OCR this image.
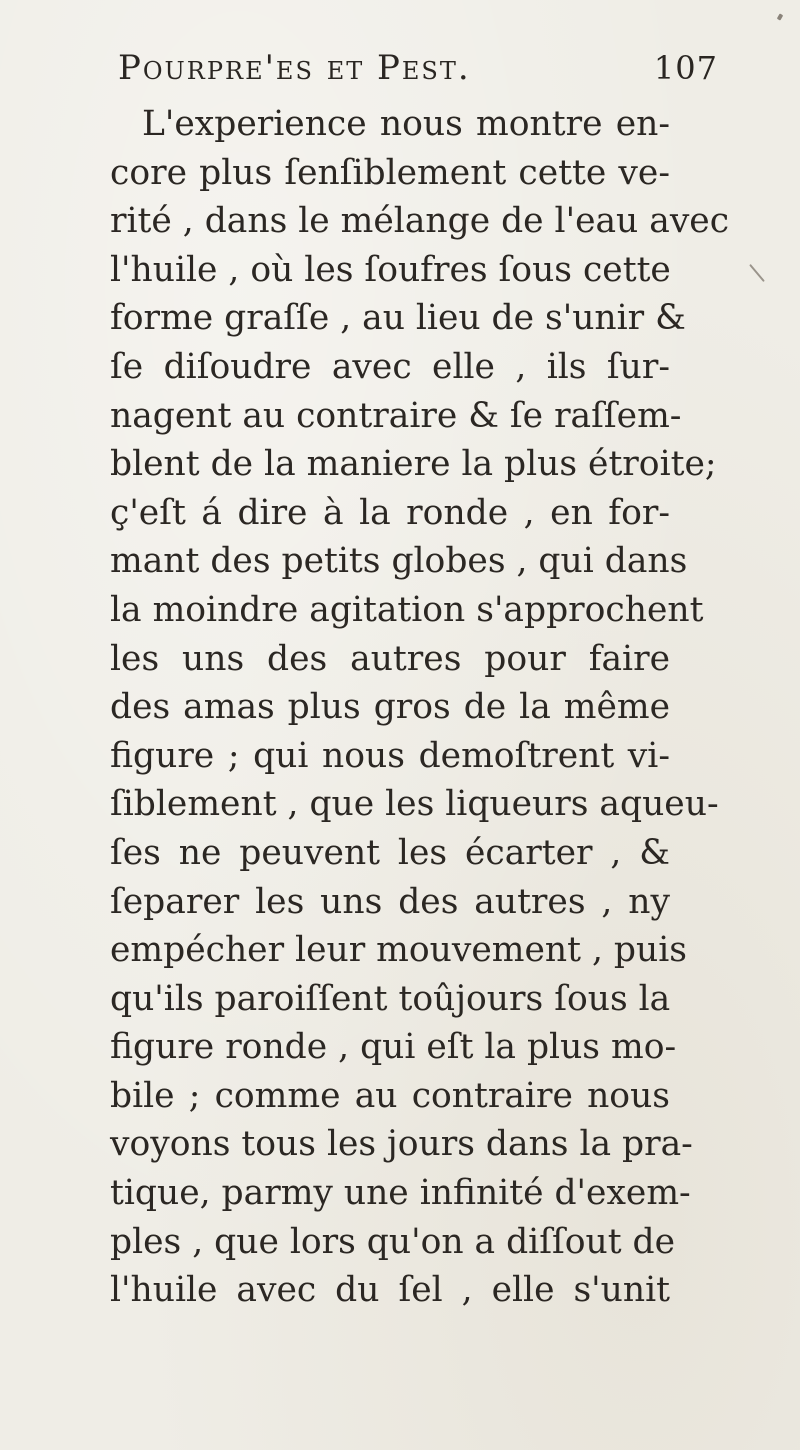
Pourpre'es et Pest.	107
L'experience nous montre en-
core plus ſenſiblement cette ve-
rité , dans le mélange de l'eau avec
l'huile , où les ſoufres ſous cette
forme graſſe , au lieu de s'unir &
ſe diſoudre avec elle , ils ſur-
nagent au contraire & ſe raſſem-
blent de la maniere la plus étroite;
ç'eſt á dire à la ronde , en for-
mant des petits globes , qui dans
la moindre agitation s'approchent
les uns des autres pour faire
des amas plus gros de la même
figure ; qui nous demoſtrent vi-
ſiblement , que les liqueurs aqueu-
ſes ne peuvent les écarter , &
ſeparer les uns des autres , ny
empécher leur mouvement , puis
qu'ils paroiſſent toûjours ſous la
figure ronde , qui eſt la plus mo-
bile ; comme au contraire nous
voyons tous les jours dans la pra-
tique, parmy une infinité d'exem-
ples , que lors qu'on a diſſout de
l'huile avec du ſel , elle s'unit
